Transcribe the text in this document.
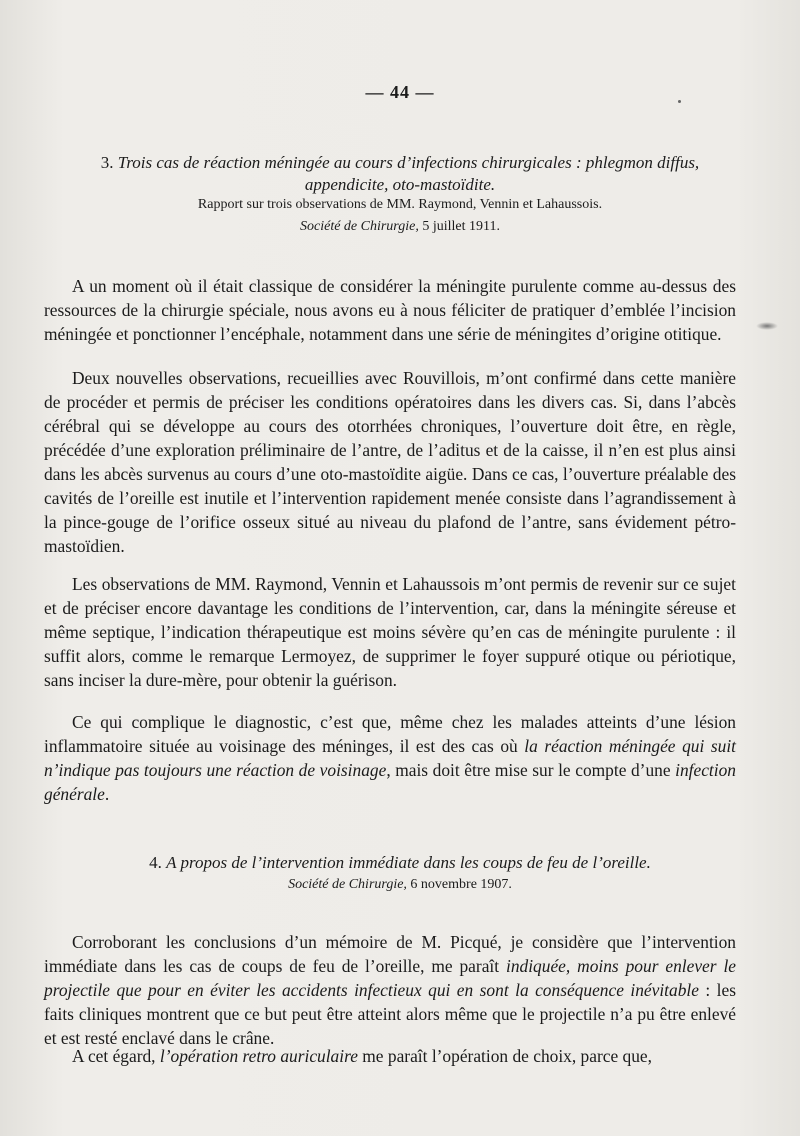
— 44 —
3. Trois cas de réaction méningée au cours d’infections chirurgicales : phlegmon diffus,
appendicite, oto-mastoïdite.
Rapport sur trois observations de MM. Raymond, Vennin et Lahaussois.
Société de Chirurgie, 5 juillet 1911.

A un moment où il était classique de considérer la méningite purulente comme au-dessus des ressources de la chirurgie spéciale, nous avons eu à nous féliciter de pratiquer d’emblée l’incision méningée et ponctionner l’encéphale, notamment dans une série de méningites d’origine otitique.

Deux nouvelles observations, recueillies avec Rouvillois, m’ont confirmé dans cette manière de procéder et permis de préciser les conditions opératoires dans les divers cas. Si, dans l’abcès cérébral qui se développe au cours des otorrhées chroniques, l’ouverture doit être, en règle, précédée d’une exploration préliminaire de l’antre, de l’aditus et de la caisse, il n’en est plus ainsi dans les abcès survenus au cours d’une oto-mastoïdite aigüe. Dans ce cas, l’ouverture préalable des cavités de l’oreille est inutile et l’intervention rapidement menée consiste dans l’agrandissement à la pince-gouge de l’orifice osseux situé au niveau du plafond de l’antre, sans évidement pétro-mastoïdien.

Les observations de MM. Raymond, Vennin et Lahaussois m’ont permis de revenir sur ce sujet et de préciser encore davantage les conditions de l’intervention, car, dans la méningite séreuse et même septique, l’indication thérapeutique est moins sévère qu’en cas de méningite purulente : il suffit alors, comme le remarque Lermoyez, de supprimer le foyer suppuré otique ou périotique, sans inciser la dure-mère, pour obtenir la guérison.

Ce qui complique le diagnostic, c’est que, même chez les malades atteints d’une lésion inflammatoire située au voisinage des méninges, il est des cas où la réaction méningée qui suit n’indique pas toujours une réaction de voisinage, mais doit être mise sur le compte d’une infection générale.

4. A propos de l’intervention immédiate dans les coups de feu de l’oreille.
Société de Chirurgie, 6 novembre 1907.

Corroborant les conclusions d’un mémoire de M. Picqué, je considère que l’intervention immédiate dans les cas de coups de feu de l’oreille, me paraît indiquée, moins pour enlever le projectile que pour en éviter les accidents infectieux qui en sont la conséquence inévitable : les faits cliniques montrent que ce but peut être atteint alors même que le projectile n’a pu être enlevé et est resté enclavé dans le crâne.

A cet égard, l’opération retro auriculaire me paraît l’opération de choix, parce que,
